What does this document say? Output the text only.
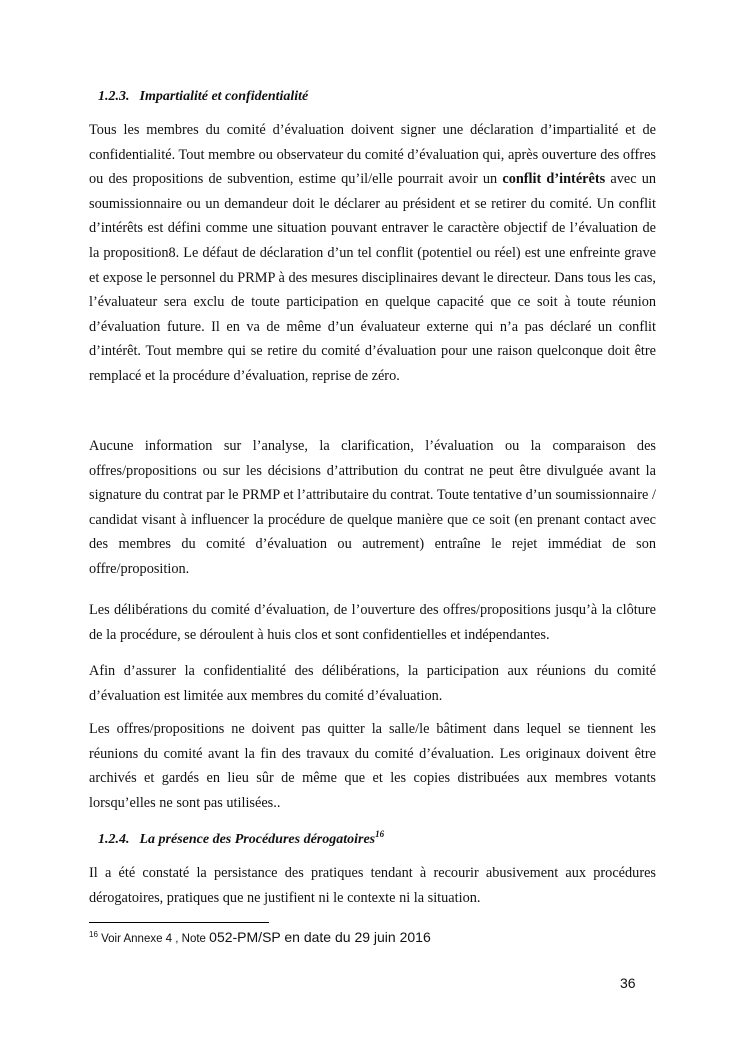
1.2.3. Impartialité et confidentialité

Tous les membres du comité d’évaluation doivent signer une déclaration d’impartialité et de confidentialité. Tout membre ou observateur du comité d’évaluation qui, après ouverture des offres ou des propositions de subvention, estime qu’il/elle pourrait avoir un conflit d’intérêts avec un soumissionnaire ou un demandeur doit le déclarer au président et se retirer du comité. Un conflit d’intérêts est défini comme une situation pouvant entraver le caractère objectif de l’évaluation de la proposition8. Le défaut de déclaration d’un tel conflit (potentiel ou réel) est une enfreinte grave et expose le personnel du PRMP à des mesures disciplinaires devant le directeur. Dans tous les cas, l’évaluateur sera exclu de toute participation en quelque capacité que ce soit à toute réunion d’évaluation future. Il en va de même d’un évaluateur externe qui n’a pas déclaré un conflit d’intérêt. Tout membre qui se retire du comité d’évaluation pour une raison quelconque doit être remplacé et la procédure d’évaluation, reprise de zéro.

Aucune information sur l’analyse, la clarification, l’évaluation ou la comparaison des offres/propositions ou sur les décisions d’attribution du contrat ne peut être divulguée avant la signature du contrat par le PRMP et l’attributaire du contrat. Toute tentative d’un soumissionnaire / candidat visant à influencer la procédure de quelque manière que ce soit (en prenant contact avec des membres du comité d’évaluation ou autrement) entraîne le rejet immédiat de son offre/proposition.

Les délibérations du comité d’évaluation, de l’ouverture des offres/propositions jusqu’à la clôture de la procédure, se déroulent à huis clos et sont confidentielles et indépendantes.

Afin d’assurer la confidentialité des délibérations, la participation aux réunions du comité d’évaluation est limitée aux membres du comité d’évaluation.

Les offres/propositions ne doivent pas quitter la salle/le bâtiment dans lequel se tiennent les réunions du comité avant la fin des travaux du comité d’évaluation. Les originaux doivent être archivés et gardés en lieu sûr de même que et les copies distribuées aux membres votants lorsqu’elles ne sont pas utilisées..

1.2.4. La présence des Procédures dérogatoires$^{16}$

Il a été constaté la persistance des pratiques tendant à recourir abusivement aux procédures dérogatoires, pratiques que ne justifient ni le contexte ni la situation.

$^{16}$ Voir Annexe 4 , Note 052-PM/SP en date du 29 juin 2016
36
